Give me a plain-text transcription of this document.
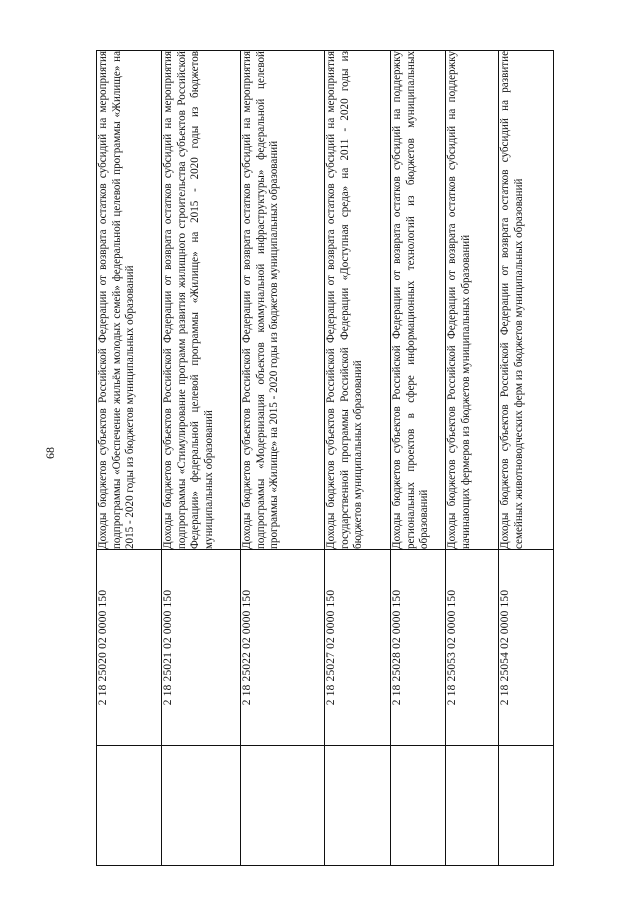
68
	2 18 25020 02 0000 150	Доходы бюджетов субъектов Российской Федерации от возврата остатков субсидий на мероприятия подпрограммы «Обеспечение жильём молодых семей» федеральной целевой программы «Жилище» на 2015 - 2020 годы из бюджетов муниципальных образований

	2 18 25021 02 0000 150	Доходы бюджетов субъектов Российской Федерации от возврата остатков субсидий на мероприятия подпрограммы «Стимулирование программ развития жилищного строительства субъектов Российской Федерации» федеральной целевой программы «Жилище» на 2015 - 2020 годы из бюджетов муниципальных образований

	2 18 25022 02 0000 150	Доходы бюджетов субъектов Российской Федерации от возврата остатков субсидий на мероприятия подпрограммы «Модернизация объектов коммунальной инфраструктуры» федеральной целевой программы «Жилище» на 2015 - 2020 годы из бюджетов муниципальных образований

	2 18 25027 02 0000 150	Доходы бюджетов субъектов Российской Федерации от возврата остатков субсидий на мероприятия государственной программы Российской Федерации «Доступная среда» на 2011 - 2020 годы из бюджетов муниципальных образований

	2 18 25028 02 0000 150	Доходы бюджетов субъектов Российской Федерации от возврата остатков субсидий на поддержку региональных проектов в сфере информационных технологий из бюджетов муниципальных образований

	2 18 25053 02 0000 150	Доходы бюджетов субъектов Российской Федерации от возврата остатков субсидий на поддержку начинающих фермеров из бюджетов муниципальных образований

	2 18 25054 02 0000 150	Доходы бюджетов субъектов Российской Федерации от возврата остатков субсидий на развитие семейных животноводческих ферм из бюджетов муниципальных образований
